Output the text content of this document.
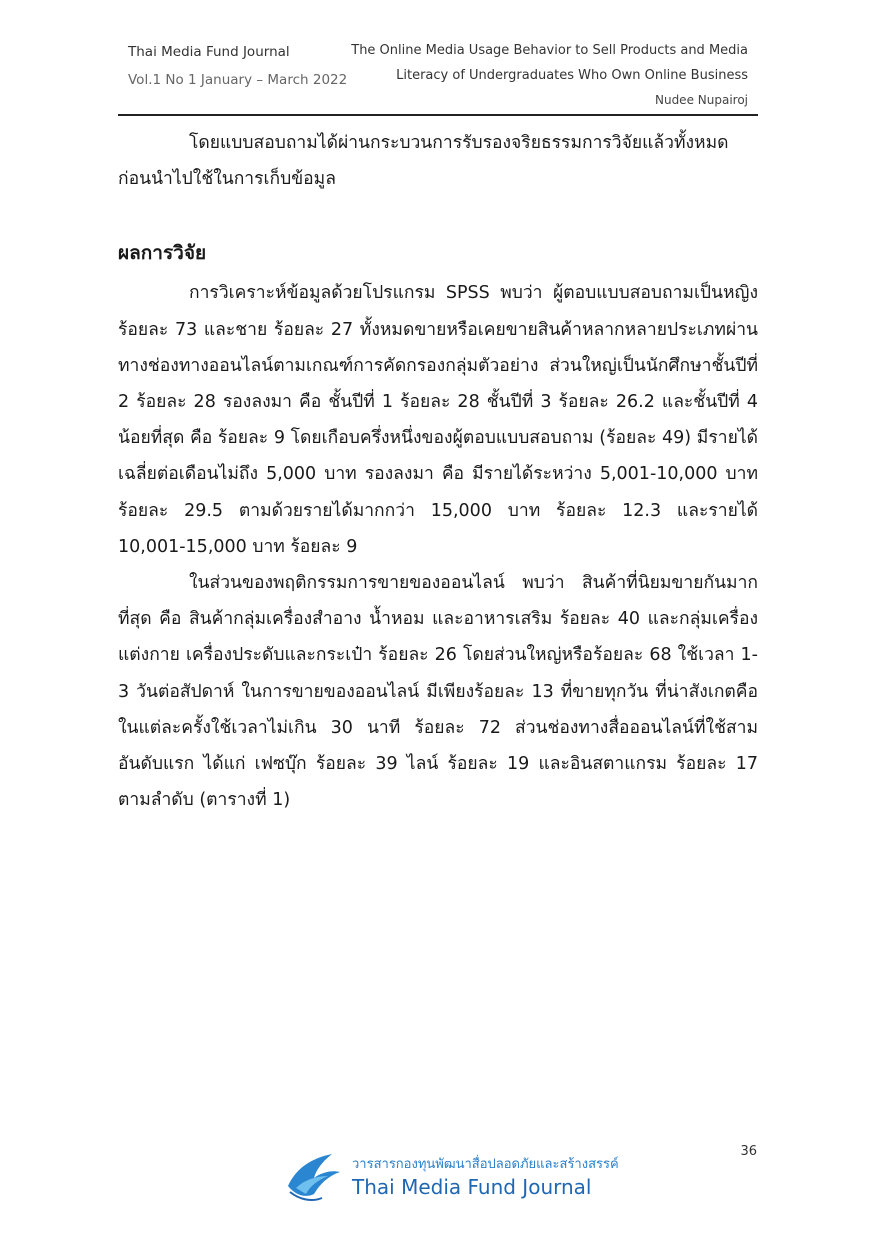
Thai Media Fund Journal
Vol.1 No 1 January – March 2022
The Online Media Usage Behavior to Sell Products and Media
Literacy of Undergraduates Who Own Online Business
Nudee Nupairoj

โดยแบบสอบถามได้ผ่านกระบวนการรับรองจริยธรรมการวิจัยแล้วทั้งหมด ก่อนนำไปใช้ในการเก็บข้อมูล

ผลการวิจัย

การวิเคราะห์ข้อมูลด้วยโปรแกรม SPSS พบว่า ผู้ตอบแบบสอบถามเป็นหญิง ร้อยละ 73 และชาย ร้อยละ 27 ทั้งหมดขายหรือเคยขายสินค้าหลากหลายประเภทผ่านทางช่องทางออนไลน์ตามเกณฑ์การคัดกรองกลุ่มตัวอย่าง ส่วนใหญ่เป็นนักศึกษาชั้นปีที่ 2 ร้อยละ 28 รองลงมา คือ ชั้นปีที่ 1 ร้อยละ 28 ชั้นปีที่ 3 ร้อยละ 26.2 และชั้นปีที่ 4 น้อยที่สุด คือ ร้อยละ 9 โดยเกือบครึ่งหนึ่งของผู้ตอบแบบสอบถาม (ร้อยละ 49) มีรายได้เฉลี่ยต่อเดือนไม่ถึง 5,000 บาท รองลงมา คือ มีรายได้ระหว่าง 5,001-10,000 บาท ร้อยละ 29.5 ตามด้วยรายได้มากกว่า 15,000 บาท ร้อยละ 12.3 และรายได้ 10,001-15,000 บาท ร้อยละ 9

ในส่วนของพฤติกรรมการขายของออนไลน์ พบว่า สินค้าที่นิยมขายกันมากที่สุด คือ สินค้ากลุ่มเครื่องสำอาง น้ำหอม และอาหารเสริม ร้อยละ 40 และกลุ่มเครื่องแต่งกาย เครื่องประดับและกระเป๋า ร้อยละ 26 โดยส่วนใหญ่หรือร้อยละ 68 ใช้เวลา 1-3 วันต่อสัปดาห์ ในการขายของออนไลน์ มีเพียงร้อยละ 13 ที่ขายทุกวัน ที่น่าสังเกตคือในแต่ละครั้งใช้เวลาไม่เกิน 30 นาที ร้อยละ 72 ส่วนช่องทางสื่อออนไลน์ที่ใช้สามอันดับแรก ได้แก่ เฟซบุ๊ก ร้อยละ 39 ไลน์ ร้อยละ 19 และอินสตาแกรม ร้อยละ 17 ตามลำดับ (ตารางที่ 1)

36
วารสารกองทุนพัฒนาสื่อปลอดภัยและสร้างสรรค์
Thai Media Fund Journal
